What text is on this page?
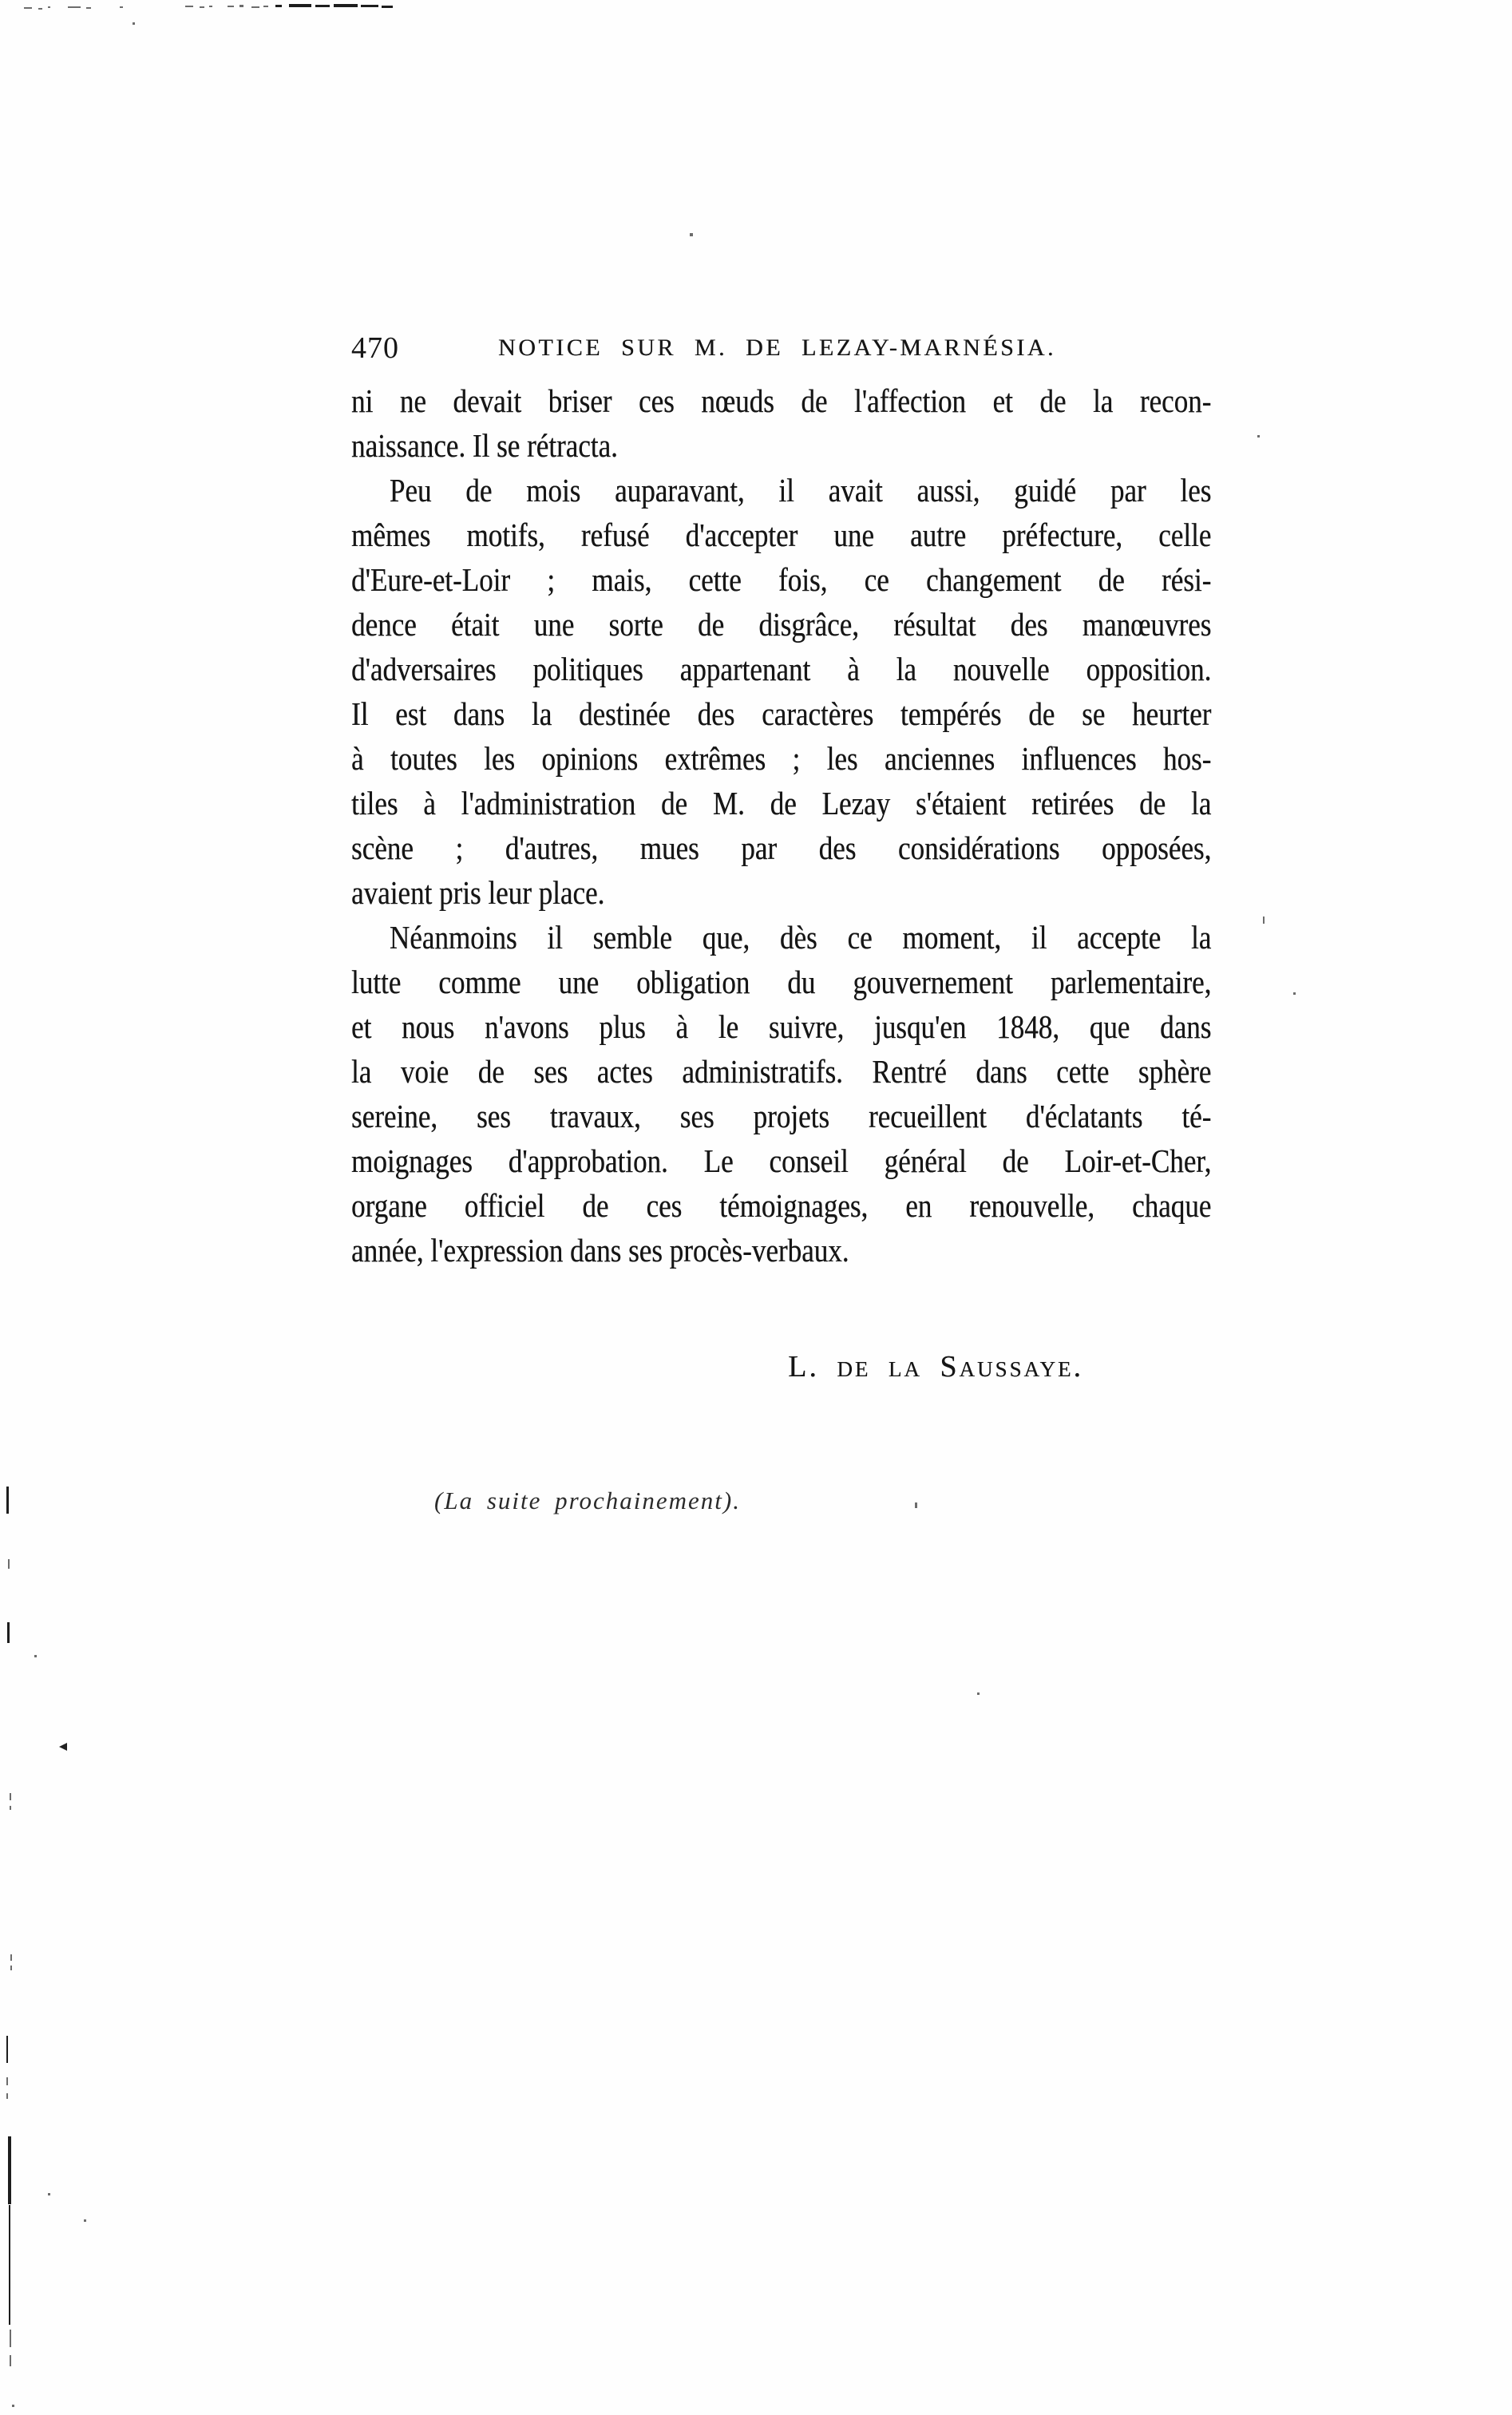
470	NOTICE SUR M. DE LEZAY-MARNÉSIA.
ni ne devait briser ces nœuds de l'affection et de la recon-
naissance. Il se rétracta.
Peu de mois auparavant, il avait aussi, guidé par les
mêmes motifs, refusé d'accepter une autre préfecture, celle
d'Eure-et-Loir ; mais, cette fois, ce changement de rési-
dence était une sorte de disgrâce, résultat des manœuvres
d'adversaires politiques appartenant à la nouvelle opposition.
Il est dans la destinée des caractères tempérés de se heurter
à toutes les opinions extrêmes ; les anciennes influences hos-
tiles à l'administration de M. de Lezay s'étaient retirées de la
scène ; d'autres, mues par des considérations opposées,
avaient pris leur place.
Néanmoins il semble que, dès ce moment, il accepte la
lutte comme une obligation du gouvernement parlementaire,
et nous n'avons plus à le suivre, jusqu'en 1848, que dans
la voie de ses actes administratifs. Rentré dans cette sphère
sereine, ses travaux, ses projets recueillent d'éclatants té-
moignages d'approbation. Le conseil général de Loir-et-Cher,
organe officiel de ces témoignages, en renouvelle, chaque
année, l'expression dans ses procès-verbaux.
L. de la Saussaye.
(La suite prochainement).
